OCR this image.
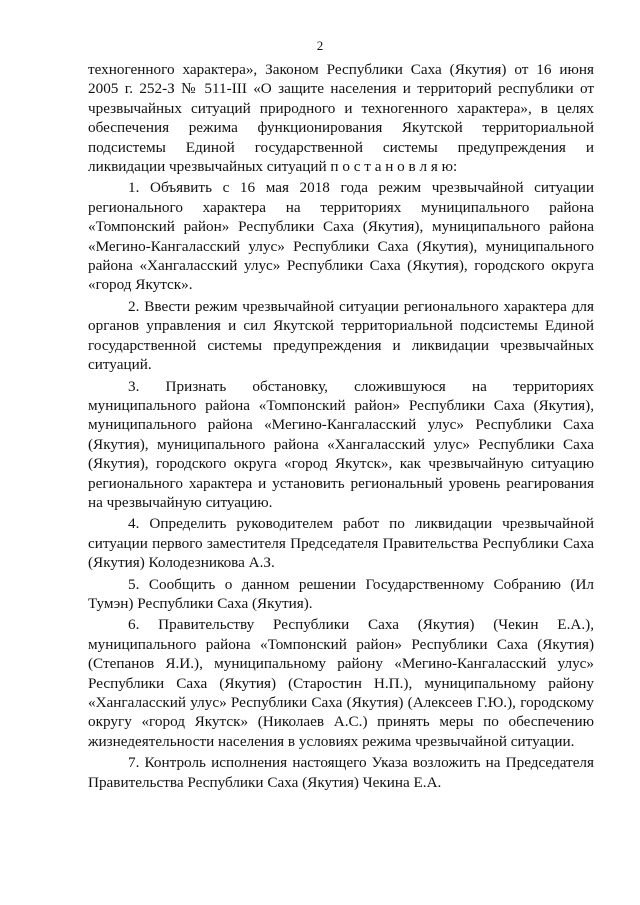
2

техногенного характера», Законом Республики Саха (Якутия) от 16 июня 2005 г. 252-З № 511-III «О защите населения и территорий республики от чрезвычайных ситуаций природного и техногенного характера», в целях обеспечения режима функционирования Якутской территориальной подсистемы Единой государственной системы предупреждения и ликвидации чрезвычайных ситуаций п о с т а н о в л я ю:

1. Объявить с 16 мая 2018 года режим чрезвычайной ситуации регионального характера на территориях муниципального района «Томпонский район» Республики Саха (Якутия), муниципального района «Мегино-Кангаласский улус» Республики Саха (Якутия), муниципального района «Хангаласский улус» Республики Саха (Якутия), городского округа «город Якутск».

2. Ввести режим чрезвычайной ситуации регионального характера для органов управления и сил Якутской территориальной подсистемы Единой государственной системы предупреждения и ликвидации чрезвычайных ситуаций.

3. Признать обстановку, сложившуюся на территориях муниципального района «Томпонский район» Республики Саха (Якутия), муниципального района «Мегино-Кангаласский улус» Республики Саха (Якутия), муниципального района «Хангаласский улус» Республики Саха (Якутия), городского округа «город Якутск», как чрезвычайную ситуацию регионального характера и установить региональный уровень реагирования на чрезвычайную ситуацию.

4. Определить руководителем работ по ликвидации чрезвычайной ситуации первого заместителя Председателя Правительства Республики Саха (Якутия) Колодезникова А.З.

5. Сообщить о данном решении Государственному Собранию (Ил Тумэн) Республики Саха (Якутия).

6. Правительству Республики Саха (Якутия) (Чекин Е.А.), муниципального района «Томпонский район» Республики Саха (Якутия) (Степанов Я.И.), муниципальному району «Мегино-Кангаласский улус» Республики Саха (Якутия) (Старостин Н.П.), муниципальному району «Хангаласский улус» Республики Саха (Якутия) (Алексеев Г.Ю.), городскому округу «город Якутск» (Николаев А.С.) принять меры по обеспечению жизнедеятельности населения в условиях режима чрезвычайной ситуации.

7. Контроль исполнения настоящего Указа возложить на Председателя Правительства Республики Саха (Якутия) Чекина Е.А.
